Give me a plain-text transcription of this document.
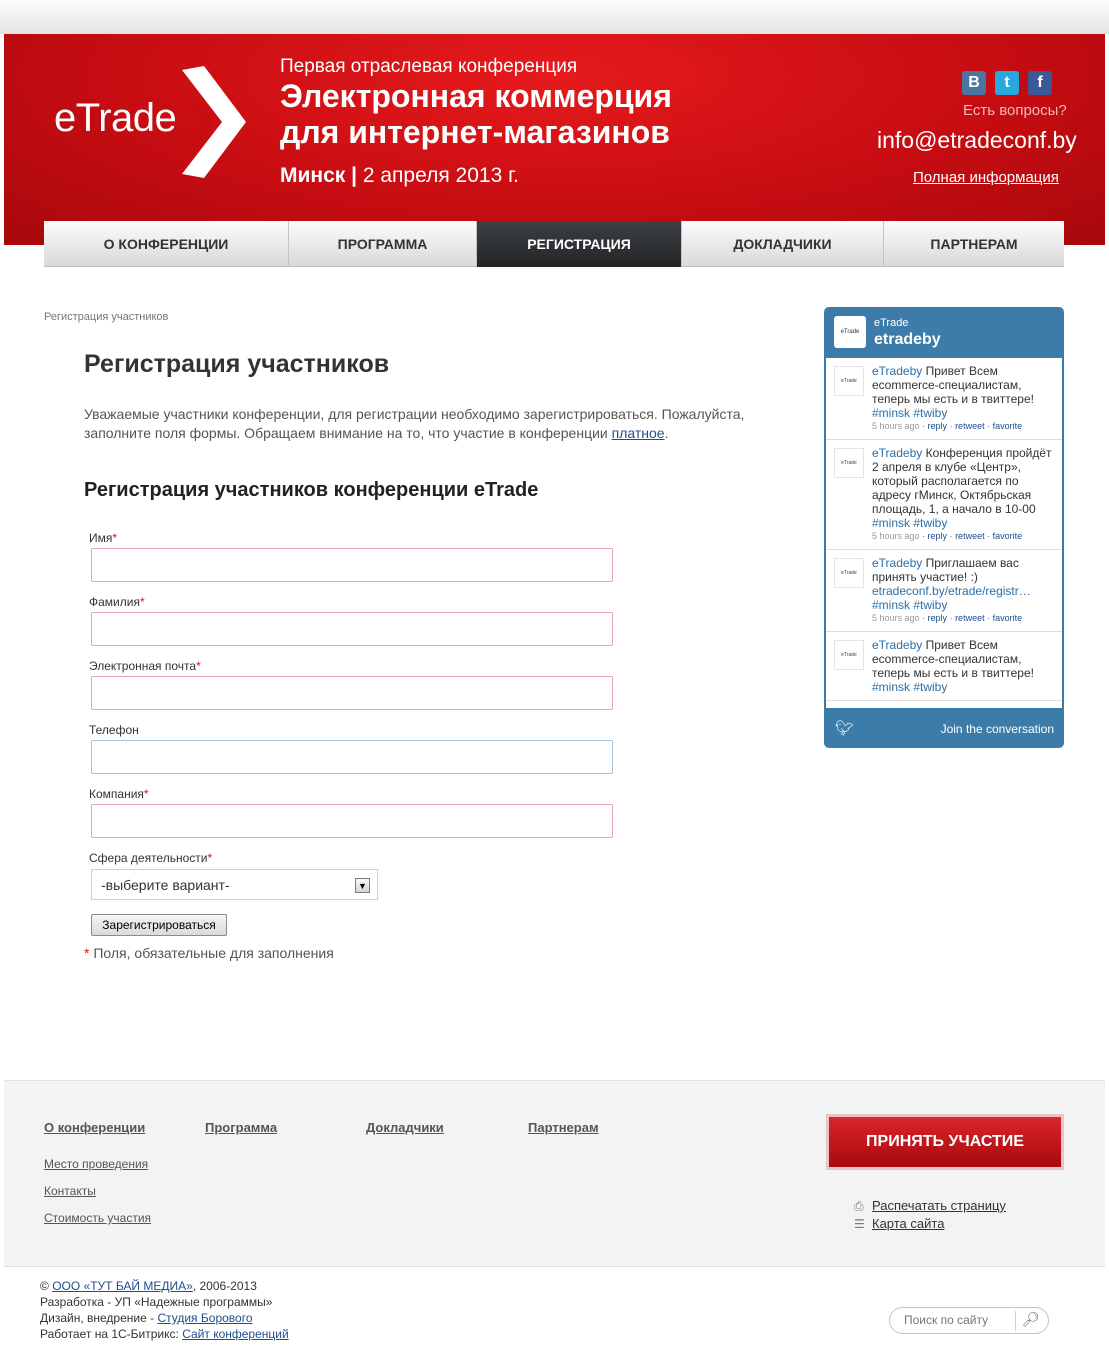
eTrade
Первая отраслевая конференция
Электронная коммерция
для интернет-магазинов
Минск | 2 апреля 2013 г.
B	t	f
Есть вопросы?
info@etradeconf.by
Полная информация
О КОНФЕРЕНЦИИ	ПРОГРАММА	РЕГИСТРАЦИЯ	ДОКЛАДЧИКИ	ПАРТНЕРАМ
Регистрация участников
Регистрация участников

Уважаемые участники конференции, для регистрации необходимо зарегистрироваться. Пожалуйста, заполните поля формы. Обращаем внимание на то, что участие в конференции платное.

Регистрация участников конференции eTrade
Имя*
Фамилия*
Электронная почта*
Телефон
Компания*
Сфера деятельности*
-выберите вариант-	▼
Зарегистрироваться
* Поля, обязательные для заполнения
eTrade
eTrade
etradeby
eTrade
eTradeby Привет Всем ecommerce-специалистам, теперь мы есть и в твиттере! #minsk #twiby
5 hours ago · reply · retweet · favorite
eTrade
eTradeby Конференция пройдёт 2 апреля в клубе «Центр», который располагается по адресу гМинск, Октябрьская площадь, 1, а начало в 10-00 #minsk #twiby
5 hours ago · reply · retweet · favorite
eTrade
eTradeby Приглашаем вас принять участие! :) etradeconf.by/etrade/registr… #minsk #twiby
5 hours ago · reply · retweet · favorite
eTrade
eTradeby Привет Всем ecommerce-специалистам, теперь мы есть и в твиттере! #minsk #twiby
🐦︎	Join the conversation
О конференции	Программа	Докладчики	Партнерам
Место проведения
Контакты
Стоимость участия
ПРИНЯТЬ УЧАСТИЕ
⎙ Распечатать страницу
☰ Карта сайта
© ООО «ТУТ БАЙ МЕДИА», 2006-2013
Разработка - УП «Надежные программы»
Дизайн, внедрение - Студия Борового
Работает на 1С-Битрикс: Сайт конференций
Поиск по сайту
🔎︎
